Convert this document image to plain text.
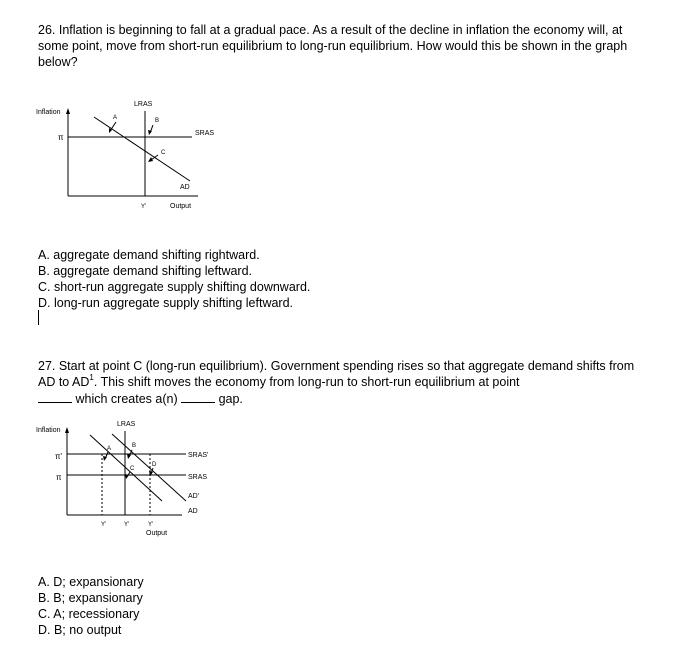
26. Inflation is beginning to fall at a gradual pace. As a result of the decline in inflation the economy will, at some point, move from short-run equilibrium to long-run equilibrium. How would this be shown in the graph below?
Inflation
π
LRAS
SRAS
AD
A	B
C
Y'	Output
A. aggregate demand shifting rightward.
B. aggregate demand shifting leftward.
C. short-run aggregate supply shifting downward.
D. long-run aggregate supply shifting leftward.
27. Start at point C (long-run equilibrium). Government spending rises so that aggregate demand shifts from AD to $AD^1$. This shift moves the economy from long-run to short-run equilibrium at point
which creates a(n)	gap.
Inflation
π'
π
LRAS
SRAS'
SRAS
AD'
AD
A	B
C
D
Y'	Y'	Y'
Output
A. D; expansionary
B. B; expansionary
C. A; recessionary
D. B; no output
